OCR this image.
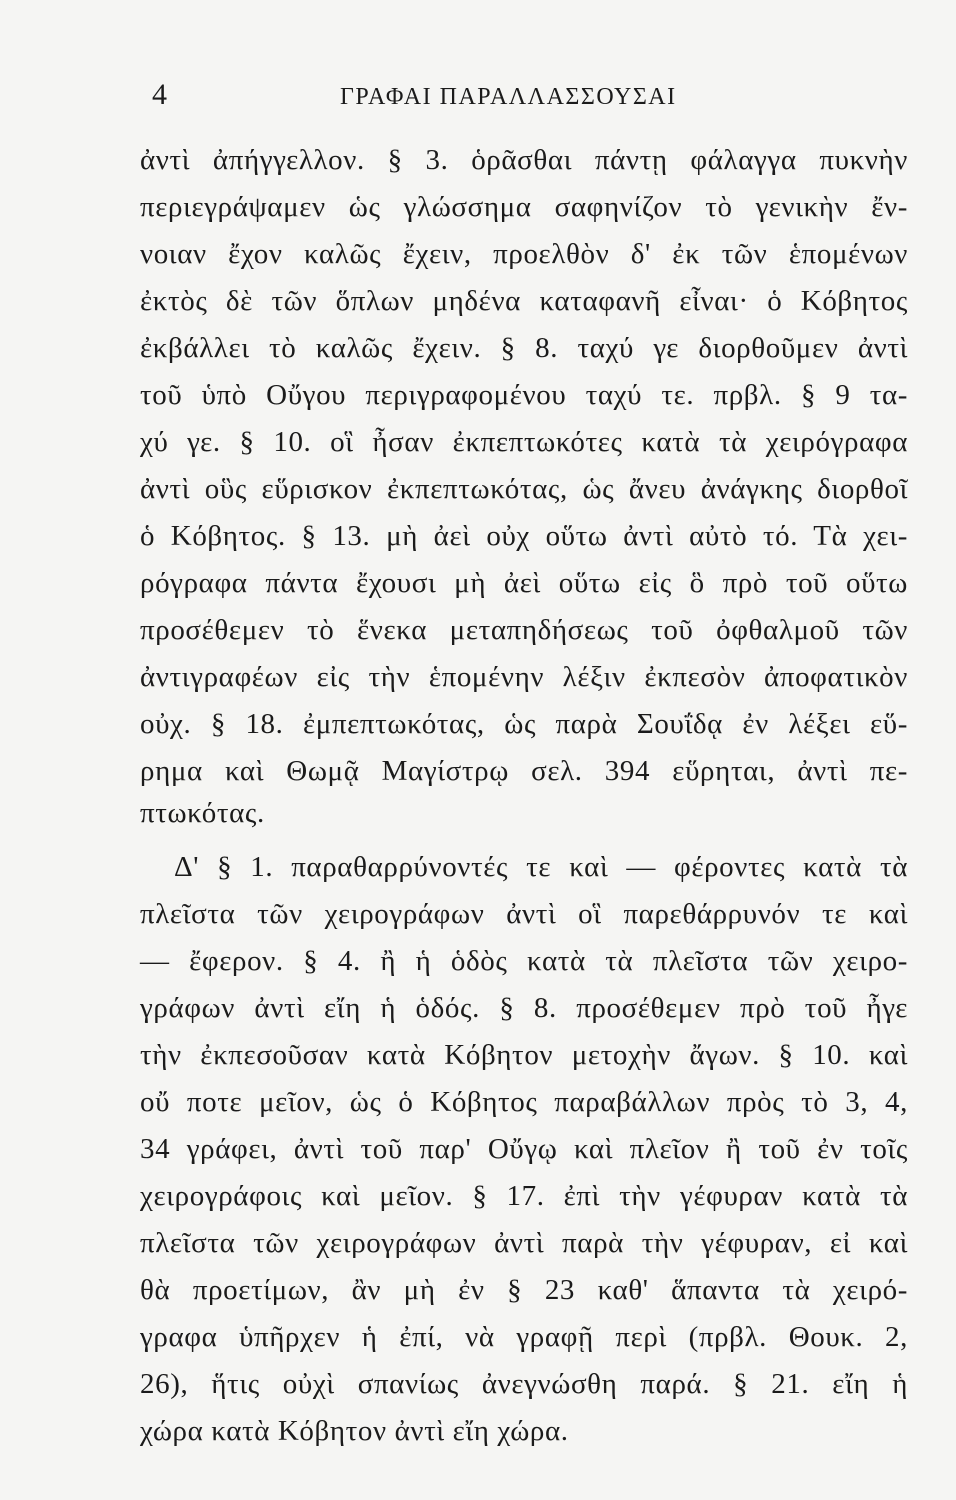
4	ΓΡΑΦΑΙ ΠΑΡΑΛΛΑΣΣΟΥΣΑΙ
ἀντὶ ἀπήγγελλον. § 3. ὁρᾶσθαι πάντῃ φάλαγγα πυκνὴν
περιεγράψαμεν ὡς γλώσσημα σαφηνίζον τὸ γενικὴν ἔν-
νοιαν ἔχον καλῶς ἔχειν, προελθὸν δ' ἐκ τῶν ἑπομένων
ἐκτὸς δὲ τῶν ὅπλων μηδένα καταφανῆ εἶναι· ὁ Κόβητος
ἐκβάλλει τὸ καλῶς ἔχειν. § 8. ταχύ γε διορθοῦμεν ἀντὶ
τοῦ ὑπὸ Οὔγου περιγραφομένου ταχύ τε. πρβλ. § 9 τα-
χύ γε. § 10. οἳ ἦσαν ἐκπεπτωκότες κατὰ τὰ χειρόγραφα
ἀντὶ οὓς εὕρισκον ἐκπεπτωκότας, ὡς ἄνευ ἀνάγκης διορθοῖ
ὁ Κόβητος. § 13. μὴ ἀεὶ οὐχ οὕτω ἀντὶ αὐτὸ τό. Τὰ χει-
ρόγραφα πάντα ἔχουσι μὴ ἀεὶ οὕτω εἰς ὃ πρὸ τοῦ οὕτω
προσέθεμεν τὸ ἕνεκα μεταπηδήσεως τοῦ ὀφθαλμοῦ τῶν
ἀντιγραφέων εἰς τὴν ἑπομένην λέξιν ἐκπεσὸν ἀποφατικὸν
οὐχ. § 18. ἐμπεπτωκότας, ὡς παρὰ Σουΐδᾳ ἐν λέξει εὕ-
ρημα καὶ Θωμᾷ Μαγίστρῳ σελ. 394 εὕρηται, ἀντὶ πε-
πτωκότας.
Δ' § 1. παραθαρρύνοντές τε καὶ — φέροντες κατὰ τὰ
πλεῖστα τῶν χειρογράφων ἀντὶ οἳ παρεθάρρυνόν τε καὶ
— ἔφερον. § 4. ἢ ἡ ὁδὸς κατὰ τὰ πλεῖστα τῶν χειρο-
γράφων ἀντὶ εἴη ἡ ὁδός. § 8. προσέθεμεν πρὸ τοῦ ἦγε
τὴν ἐκπεσοῦσαν κατὰ Κόβητον μετοχὴν ἄγων. § 10. καὶ
οὔ ποτε μεῖον, ὡς ὁ Κόβητος παραβάλλων πρὸς τὸ 3, 4,
34 γράφει, ἀντὶ τοῦ παρ' Οὔγῳ καὶ πλεῖον ἢ τοῦ ἐν τοῖς
χειρογράφοις καὶ μεῖον. § 17. ἐπὶ τὴν γέφυραν κατὰ τὰ
πλεῖστα τῶν χειρογράφων ἀντὶ παρὰ τὴν γέφυραν, εἰ καὶ
θὰ προετίμων, ἂν μὴ ἐν § 23 καθ' ἅπαντα τὰ χειρό-
γραφα ὑπῆρχεν ἡ ἐπί, νὰ γραφῇ περὶ (πρβλ. Θουκ. 2,
26), ἥτις οὐχὶ σπανίως ἀνεγνώσθη παρά. § 21. εἴη ἡ
χώρα κατὰ Κόβητον ἀντὶ εἴη χώρα.
